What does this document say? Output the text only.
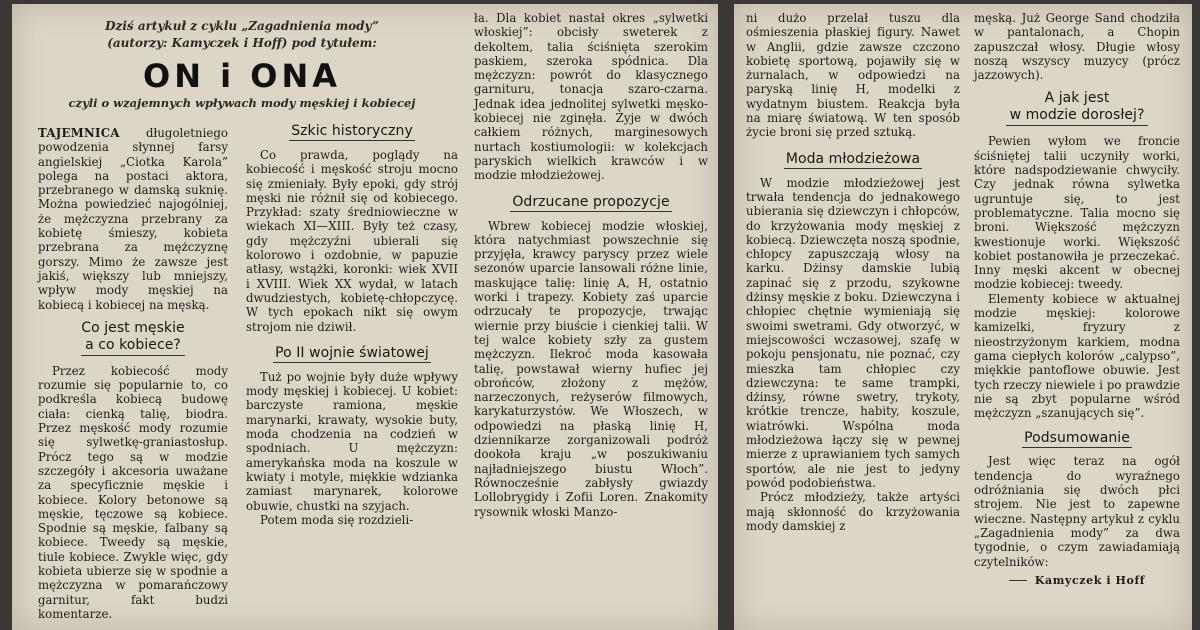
Dziś artykuł z cyklu „Zagadnienia mody”
(autorzy: Kamyczek i Hoff) pod tytułem:
ON i ONA
czyli o wzajemnych wpływach mody męskiej i kobiecej

TAJEMNICA długoletniego powodzenia słynnej farsy angielskiej „Ciotka Karola” polega na postaci aktora, przebranego w damską suknię. Można powiedzieć najogólniej, że mężczyzna przebrany za kobietę śmieszy, kobieta przebrana za mężczyznę gorszy. Mimo że zawsze jest jakiś, większy lub mniejszy, wpływ mody męskiej na kobiecą i kobiecej na męską.

Co jest męskie
a co kobiece?

Przez kobiecość mody rozumie się popularnie to, co podkreśla kobiecą budowę ciała: cienką talię, biodra. Przez męskość mody rozumie się sylwetkę-graniastosłup. Prócz tego są w modzie szczegóły i akcesoria uważane za specyficznie męskie i kobiece. Kolory betonowe są męskie, tęczowe są kobiece. Spodnie są męskie, falbany są kobiece. Tweedy są męskie, tiule kobiece. Zwykle więc, gdy kobieta ubierze się w spodnie a mężczyzna w pomarańczowy garnitur, fakt budzi komentarze.

Szkic historyczny

Co prawda, poglądy na kobiecość i męskość stroju mocno się zmieniały. Były epoki, gdy strój męski nie różnił się od kobiecego. Przykład: szaty średniowieczne w wiekach XI—XIII. Były też czasy, gdy mężczyźni ubierali się kolorowo i ozdobnie, w papuzie atłasy, wstążki, koronki: wiek XVII i XVIII. Wiek XX wydał, w latach dwudziestych, kobietę-chłopczycę. W tych epokach nikt się owym strojom nie dziwił.

Po II wojnie światowej

Tuż po wojnie były duże wpływy mody męskiej i kobiecej. U kobiet: barczyste ramiona, męskie marynarki, krawaty, wysokie buty, moda chodzenia na codzień w spodniach. U mężczyzn: amerykańska moda na koszule w kwiaty i motyle, miękkie wdzianka zamiast marynarek, kolorowe obuwie, chustki na szyjach.

Potem moda się rozdzieli-

ła. Dla kobiet nastał okres „sylwetki włoskiej”: obcisły sweterek z dekoltem, talia ściśnięta szerokim paskiem, szeroka spódnica. Dla mężczyzn: powrót do klasycznego garnituru, tonacja szaro-czarna. Jednak idea jednolitej sylwetki męsko-kobiecej nie zginęła. Żyje w dwóch całkiem różnych, marginesowych nurtach kostiumologii: w kolekcjach paryskich wielkich krawców i w modzie młodzieżowej.

Odrzucane propozycje

Wbrew kobiecej modzie włoskiej, która natychmiast powszechnie się przyjęła, krawcy paryscy przez wiele sezonów uparcie lansowali różne linie, maskujące talię: linię A, H, ostatnio worki i trapezy. Kobiety zaś uparcie odrzucały te propozycje, trwając wiernie przy biuście i cienkiej talii. W tej walce kobiety szły za gustem mężczyzn. Ilekroć moda kasowała talię, powstawał wierny hufiec jej obrońców, złożony z mężów, narzeczonych, reżyserów filmowych, karykaturzystów. We Włoszech, w odpowiedzi na płaską linię H, dziennikarze zorganizowali podróż dookoła kraju „w poszukiwaniu najładniejszego biustu Włoch”. Równocześnie zabłysły gwiazdy Lollobrygidy i Zofii Loren. Znakomity rysownik włoski Manzo-

ni dużo przelał tuszu dla ośmieszenia płaskiej figury. Nawet w Anglii, gdzie zawsze czczono kobietę sportową, pojawiły się w żurnalach, w odpowiedzi na paryską linię H, modelki z wydatnym biustem. Reakcja była na miarę światową. W ten sposób życie broni się przed sztuką.

Moda młodzieżowa

W modzie młodzieżowej jest trwała tendencja do jednakowego ubierania się dziewczyn i chłopców, do krzyżowania mody męskiej z kobiecą. Dziewczęta noszą spodnie, chłopcy zapuszczają włosy na karku. Dżinsy damskie lubią zapinać się z przodu, szykowne dżinsy męskie z boku. Dziewczyna i chłopiec chętnie wymieniają się swoimi swetrami. Gdy otworzyć, w miejscowości wczasowej, szafę w pokoju pensjonatu, nie poznać, czy mieszka tam chłopiec czy dziewczyna: te same trampki, dżinsy, równe swetry, trykoty, krótkie trencze, habity, koszule, wiatrówki. Wspólna moda młodzieżowa łączy się w pewnej mierze z uprawianiem tych samych sportów, ale nie jest to jedyny powód podobieństwa.

Prócz młodzieży, także artyści mają skłonność do krzyżowania mody damskiej z

męską. Już George Sand chodziła w pantalonach, a Chopin zapuszczał włosy. Długie włosy noszą wszyscy muzycy (prócz jazzowych).

A jak jest
w modzie dorosłej?

Pewien wyłom we froncie ściśniętej talii uczyniły worki, które nadspodziewanie chwyciły. Czy jednak równa sylwetka ugruntuje się, to jest problematyczne. Talia mocno się broni. Większość mężczyzn kwestionuje worki. Większość kobiet postanowiła je przeczekać. Inny męski akcent w obecnej modzie kobiecej: tweedy.

Elementy kobiece w aktualnej modzie męskiej: kolorowe kamizelki, fryzury z nieostrzyżonym karkiem, modna gama ciepłych kolorów „calypso”, miękkie pantoflowe obuwie. Jest tych rzeczy niewiele i po prawdzie nie są zbyt popularne wśród mężczyzn „szanujących się”.

Podsumowanie

Jest więc teraz na ogół tendencja do wyraźnego odróżniania się dwóch płci strojem. Nie jest to zapewne wieczne. Następny artykuł z cyklu „Zagadnienia mody” za dwa tygodnie, o czym zawiadamiają czytelników:

Kamyczek i Hoff
